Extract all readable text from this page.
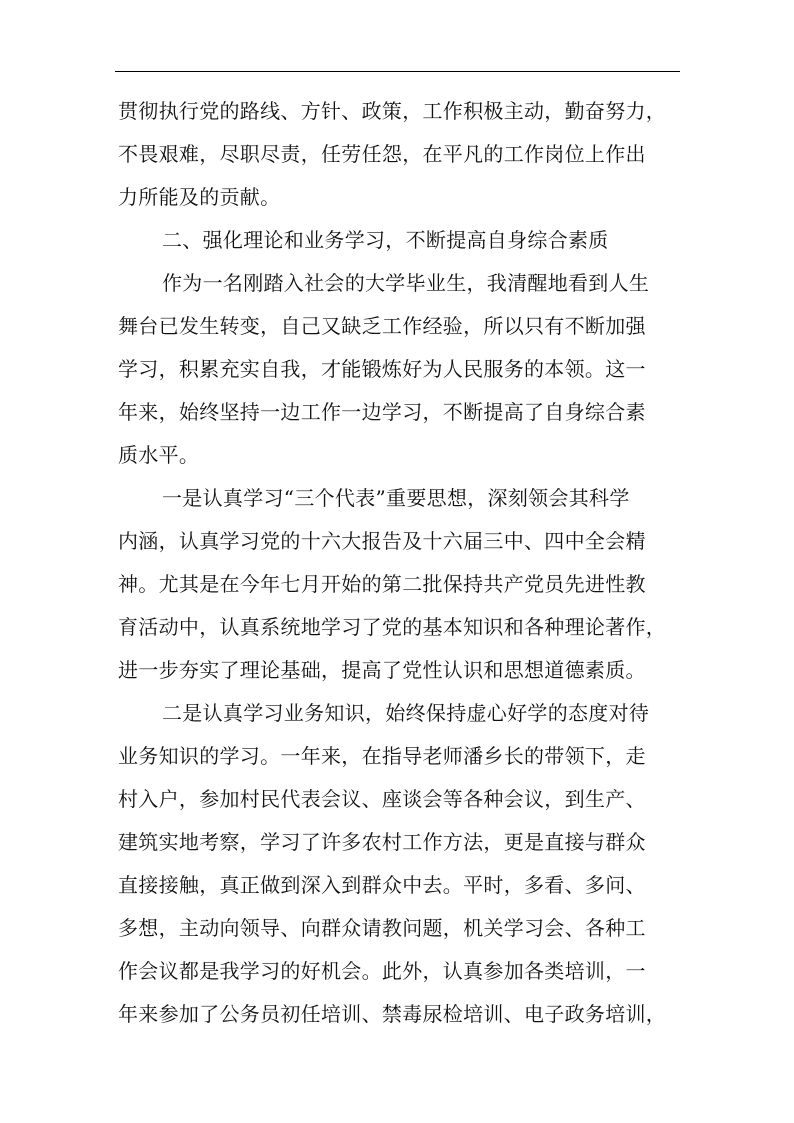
贯彻执行党的路线、方针、政策，工作积极主动，勤奋努力，
不畏艰难，尽职尽责，任劳任怨，在平凡的工作岗位上作出
力所能及的贡献。
二、强化理论和业务学习，不断提高自身综合素质
作为一名刚踏入社会的大学毕业生，我清醒地看到人生
舞台已发生转变，自己又缺乏工作经验，所以只有不断加强
学习，积累充实自我，才能锻炼好为人民服务的本领。这一
年来，始终坚持一边工作一边学习，不断提高了自身综合素
质水平。
一是认真学习“三个代表”重要思想，深刻领会其科学
内涵，认真学习党的十六大报告及十六届三中、四中全会精
神。尤其是在今年七月开始的第二批保持共产党员先进性教
育活动中，认真系统地学习了党的基本知识和各种理论著作，
进一步夯实了理论基础，提高了党性认识和思想道德素质。
二是认真学习业务知识，始终保持虚心好学的态度对待
业务知识的学习。一年来，在指导老师潘乡长的带领下，走
村入户，参加村民代表会议、座谈会等各种会议，到生产、
建筑实地考察，学习了许多农村工作方法，更是直接与群众
直接接触，真正做到深入到群众中去。平时，多看、多问、
多想，主动向领导、向群众请教问题，机关学习会、各种工
作会议都是我学习的好机会。此外，认真参加各类培训，一
年来参加了公务员初任培训、禁毒尿检培训、电子政务培训，
